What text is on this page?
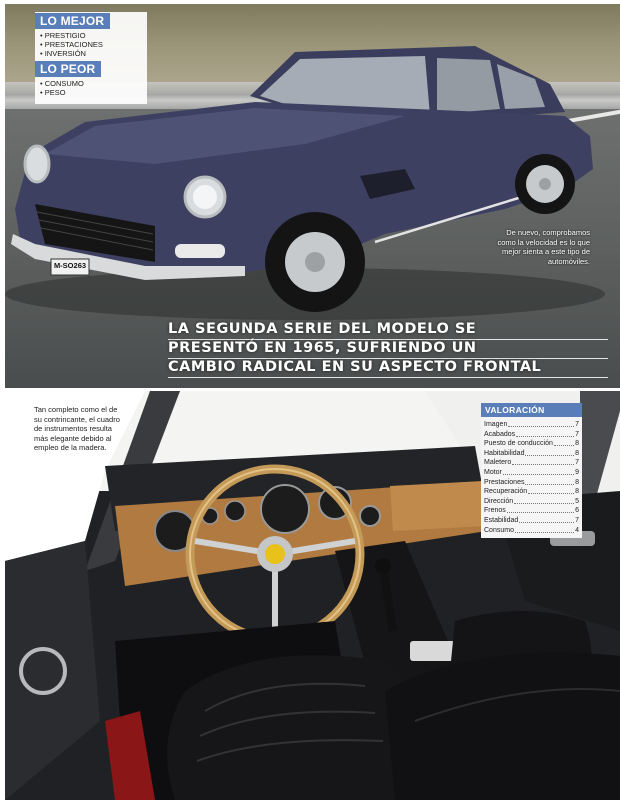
M-SO263
LO MEJOR
• PRESTIGIO
• PRESTACIONES
• INVERSIÓN
LO PEOR
• CONSUMO
• PESO
De nuevo, comprobamos como la velocidad es lo que mejor sienta a este tipo de automóviles.
LA SEGUNDA SERIE DEL MODELO SE
PRESENTÓ EN 1965, SUFRIENDO UN
CAMBIO RADICAL EN SU ASPECTO FRONTAL
Tan completo como el de su contrincante, el cuadro de instrumentos resulta más elegante debido al empleo de la madera.
VALORACIÓN
Imagen	7
Acabados	7
Puesto de conducción	8
Habitabilidad	8
Maletero	7
Motor	9
Prestaciones	8
Recuperación	8
Dirección	5
Frenos	6
Estabilidad	7
Consumo	4
